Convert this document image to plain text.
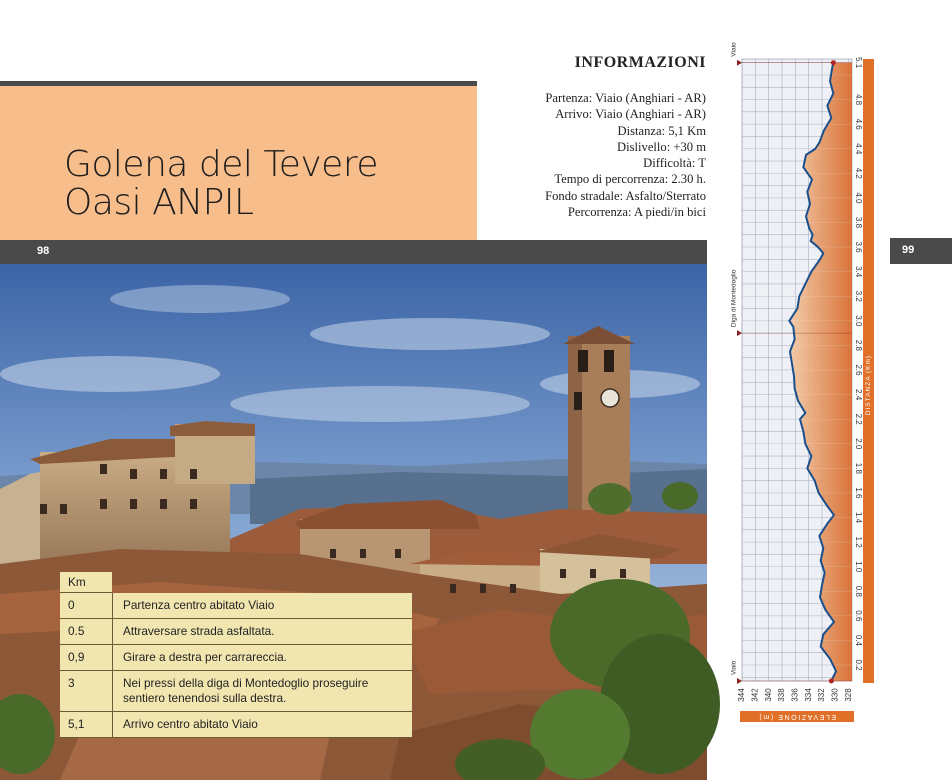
Golena del Tevere
Oasi ANPIL
98	99
INFORMAZIONI
Partenza: Viaio (Anghiari - AR)
Arrivo: Viaio (Anghiari - AR)
Distanza: 5,1 Km
Dislivello: +30 m
Difficoltà: T
Tempo di percorrenza: 2.30 h.
Fondo stradale: Asfalto/Sterrato
Percorrenza: A piedi/in bici
Km
0	Partenza centro abitato Viaio
0.5	Attraversare strada asfaltata.
0,9	Girare a destra per carrareccia.
3	Nei pressi della diga di Montedoglio proseguire sentiero tenendosi sulla destra.
5,1	Arrivo centro abitato Viaio
0.2
0.4
0.6
0.8
1.0
1.2
1.4
1.6
1.8
2.0
2.2
2.4
2.6
2.8
3.0
3.2
3.4
3.6
3.8
4.0
4.2
4.4
4.6
4.8
5.1
DISTANZA (Km)
344 342 340 338 336 334 332 330 328
ELEVAZIONE (m)
Viaio
Diga di Montedoglio
Viaio
